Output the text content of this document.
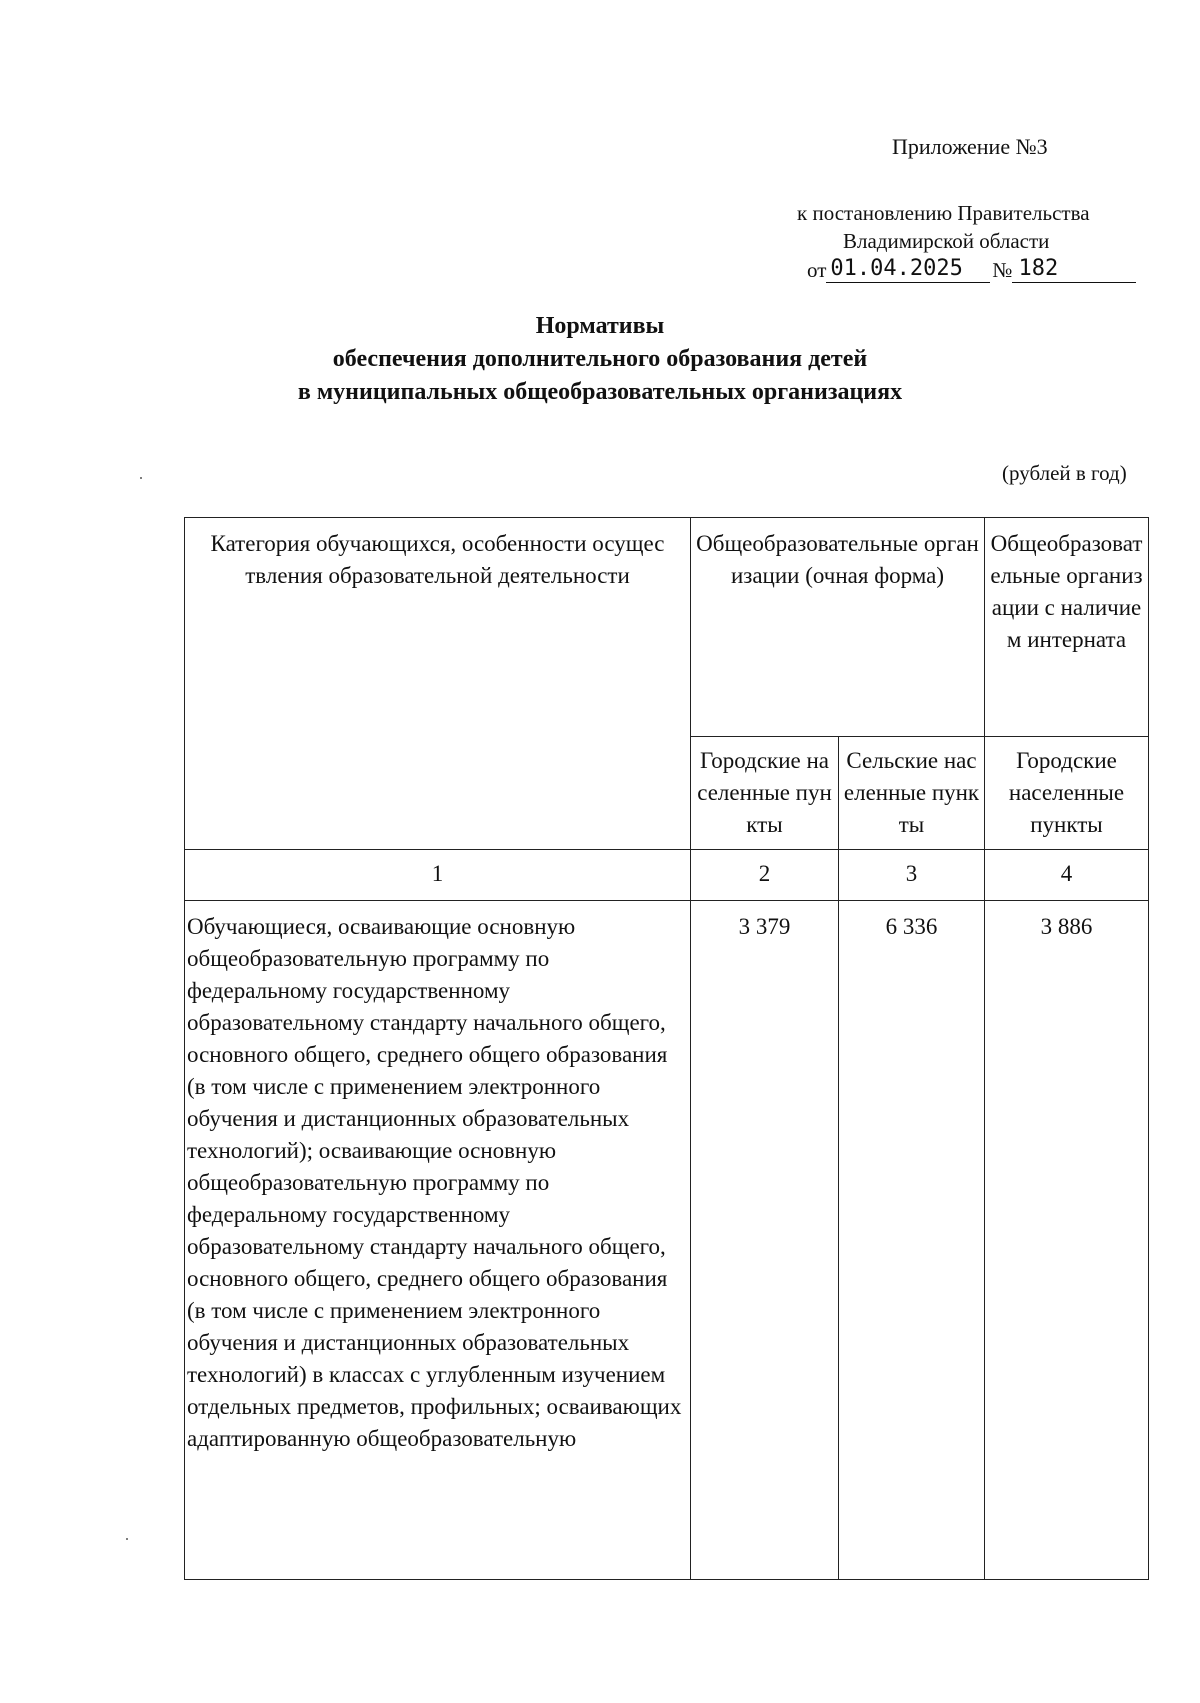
Приложение №3
к постановлению Правительства
Владимирской области
от 01.04.2025	№ 182
Нормативы
обеспечения дополнительного образования детей
в муниципальных общеобразовательных организациях
(рублей в год)
Категория обучающихся, особенности осуществления образовательной деятельности	Общеобразовательные организации (очная форма)		Общеобразовательные организации с наличием интерната
	Городские населенные пункты	Сельские населенные пункты	Городские населенные пункты
1	2	3	4
Обучающиеся, осваивающие основную общеобразовательную программу по федеральному государственному образовательному стандарту начального общего, основного общего, среднего общего образования (в том числе с применением электронного обучения и дистанционных образовательных технологий); осваивающие основную общеобразовательную программу по федеральному государственному образовательному стандарту начального общего, основного общего, среднего общего образования (в том числе с применением электронного обучения и дистанционных образовательных технологий) в классах с углубленным изучением отдельных предметов, профильных; осваивающих адаптированную общеобразовательную	3 379	6 336	3 886
